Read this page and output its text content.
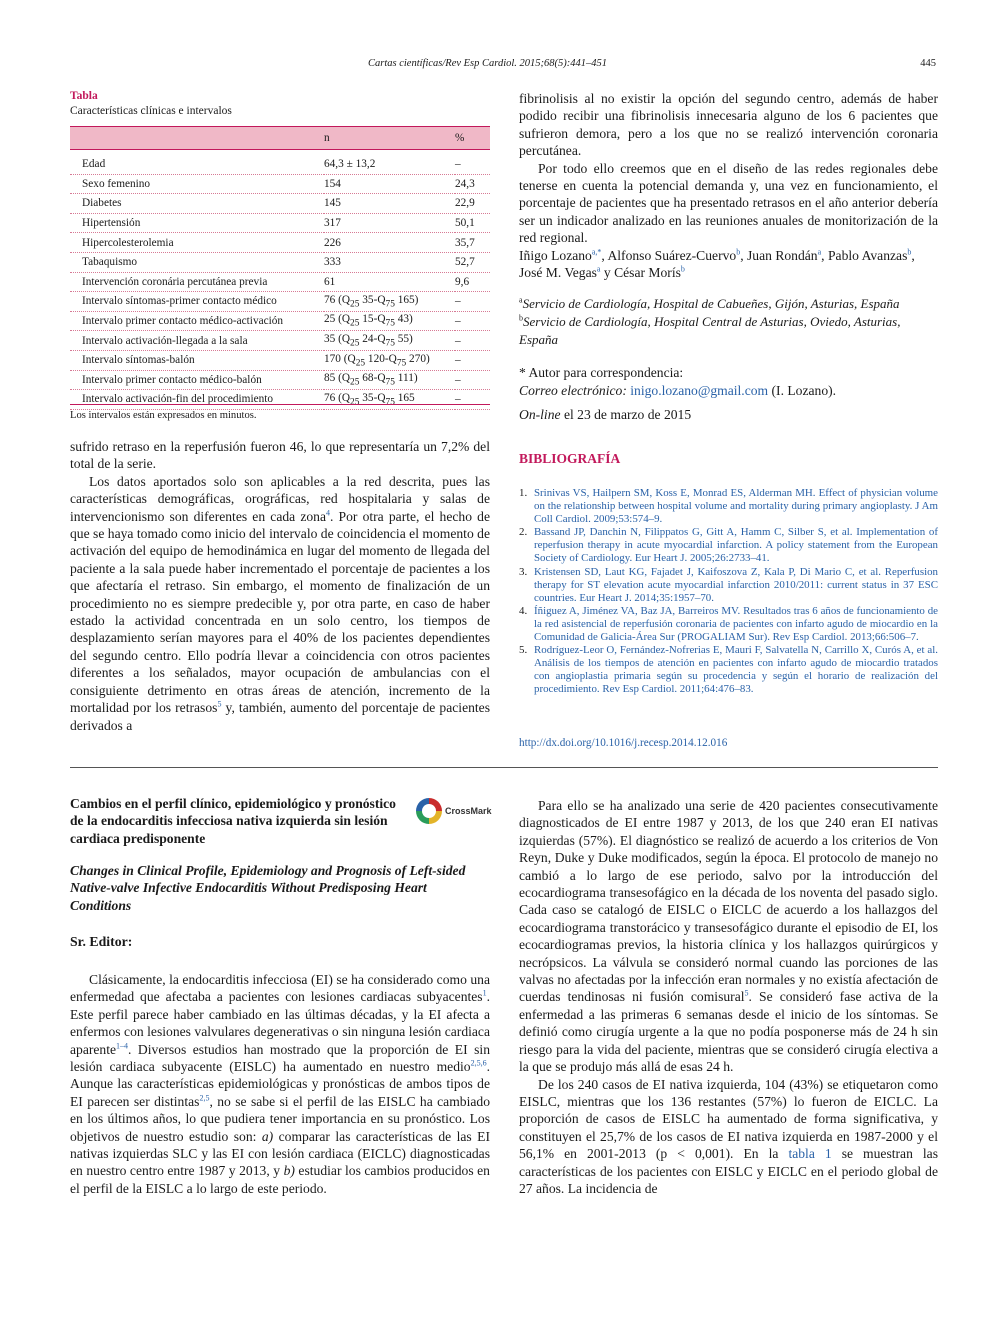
Cartas científicas/Rev Esp Cardiol. 2015;68(5):441–451	445
Tabla
Características clínicas e intervalos
	n	%
Edad	64,3 ± 13,2	–
Sexo femenino	154	24,3
Diabetes	145	22,9
Hipertensión	317	50,1
Hipercolesterolemia	226	35,7
Tabaquismo	333	52,7
Intervención coronária percutánea previa	61	9,6
Intervalo síntomas-primer contacto médico	76 ($Q_{25}$ $35-Q_{75}$ 165)	–
Intervalo primer contacto médico-activación	25 ($Q_{25}$ $15-Q_{75}$ 43)	–
Intervalo activación-llegada a la sala	35 ($Q_{25}$ $24-Q_{75}$ 55)	–
Intervalo síntomas-balón	170 ($Q_{25}$ $120-Q_{75}$ 270)	–
Intervalo primer contacto médico-balón	85 ($Q_{25}$ $68-Q_{75}$ 111)	–
Intervalo activación-fin del procedimiento	76 ($Q_{25}$ $35-Q_{75}$ 165	–
Los intervalos están expresados en minutos.

sufrido retraso en la reperfusión fueron 46, lo que representaría un 7,2% del total de la serie.

Los datos aportados solo son aplicables a la red descrita, pues las características demográficas, orográficas, red hospitalaria y salas de intervencionismo son diferentes en cada zona$^4$. Por otra parte, el hecho de que se haya tomado como inicio del intervalo de coincidencia el momento de activación del equipo de hemodinámica en lugar del momento de llegada del paciente a la sala puede haber incrementado el porcentaje de pacientes a los que afectaría el retraso. Sin embargo, el momento de finalización de un procedimiento no es siempre predecible y, por otra parte, en caso de haber estado la actividad concentrada en un solo centro, los tiempos de desplazamiento serían mayores para el 40% de los pacientes dependientes del segundo centro. Ello podría llevar a coincidencia con otros pacientes diferentes a los señalados, mayor ocupación de ambulancias con el consiguiente detrimento en otras áreas de atención, incremento de la mortalidad por los retrasos$^5$ y, también, aumento del porcentaje de pacientes derivados a

fibrinolisis al no existir la opción del segundo centro, además de haber podido recibir una fibrinolisis innecesaria alguno de los 6 pacientes que sufrieron demora, pero a los que no se realizó intervención coronaria percutánea.

Por todo ello creemos que en el diseño de las redes regionales debe tenerse en cuenta la potencial demanda y, una vez en funcionamiento, el porcentaje de pacientes que ha presentado retrasos en el año anterior debería ser un indicador analizado en las reuniones anuales de monitorización de la red regional.

Iñigo Lozano$^{a,*}$, Alfonso Suárez-Cuervo$^b$, Juan Rondán$^a$, Pablo Avanzas$^b$, José M. Vegas$^a$ y César Morís$^b$

$^a$Servicio de Cardiología, Hospital de Cabueñes, Gijón, Asturias, España
$^b$Servicio de Cardiología, Hospital Central de Asturias, Oviedo, Asturias, España
* Autor para correspondencia:
Correo electrónico: inigo.lozano@gmail.com (I. Lozano).
On-line el 23 de marzo de 2015
BIBLIOGRAFÍA
1. Srinivas VS, Hailpern SM, Koss E, Monrad ES, Alderman MH. Effect of physician volume on the relationship between hospital volume and mortality during primary angioplasty. J Am Coll Cardiol. 2009;53:574–9.
2. Bassand JP, Danchin N, Filippatos G, Gitt A, Hamm C, Silber S, et al. Implementation of reperfusion therapy in acute myocardial infarction. A policy statement from the European Society of Cardiology. Eur Heart J. 2005;26:2733–41.
3. Kristensen SD, Laut KG, Fajadet J, Kaifoszova Z, Kala P, Di Mario C, et al. Reperfusion therapy for ST elevation acute myocardial infarction 2010/2011: current status in 37 ESC countries. Eur Heart J. 2014;35:1957–70.
4. Íñiguez A, Jiménez VA, Baz JA, Barreiros MV. Resultados tras 6 años de funcionamiento de la red asistencial de reperfusión coronaria de pacientes con infarto agudo de miocardio en la Comunidad de Galicia-Área Sur (PROGALIAM Sur). Rev Esp Cardiol. 2013;66:506–7.
5. Rodríguez-Leor O, Fernández-Nofrerias E, Mauri F, Salvatella N, Carrillo X, Curós A, et al. Análisis de los tiempos de atención en pacientes con infarto agudo de miocardio tratados con angioplastia primaria según su procedencia y según el horario de realización del procedimiento. Rev Esp Cardiol. 2011;64:476–83.
http://dx.doi.org/10.1016/j.recesp.2014.12.016
Cambios en el perfil clínico, epidemiológico y pronóstico de la endocarditis infecciosa nativa izquierda sin lesión cardiaca predisponente
CrossMark
Changes in Clinical Profile, Epidemiology and Prognosis of Left-sided Native-valve Infective Endocarditis Without Predisposing Heart Conditions
Sr. Editor:

Clásicamente, la endocarditis infecciosa (EI) se ha considerado como una enfermedad que afectaba a pacientes con lesiones cardiacas subyacentes$^1$. Este perfil parece haber cambiado en las últimas décadas, y la EI afecta a enfermos con lesiones valvulares degenerativas o sin ninguna lesión cardiaca aparente$^{1-4}$. Diversos estudios han mostrado que la proporción de EI sin lesión cardiaca subyacente (EISLC) ha aumentado en nuestro medio$^{2,5,6}$. Aunque las características epidemiológicas y pronósticas de ambos tipos de EI parecen ser distintas$^{2,5}$, no se sabe si el perfil de las EISLC ha cambiado en los últimos años, lo que pudiera tener importancia en su pronóstico. Los objetivos de nuestro estudio son: a) comparar las características de las EI nativas izquierdas SLC y las EI con lesión cardiaca (EICLC) diagnosticadas en nuestro centro entre 1987 y 2013, y b) estudiar los cambios producidos en el perfil de la EISLC a lo largo de este periodo.

Para ello se ha analizado una serie de 420 pacientes consecutivamente diagnosticados de EI entre 1987 y 2013, de los que 240 eran EI nativas izquierdas (57%). El diagnóstico se realizó de acuerdo a los criterios de Von Reyn, Duke y Duke modificados, según la época. El protocolo de manejo no cambió a lo largo de ese periodo, salvo por la introducción del ecocardiograma transesofágico en la década de los noventa del pasado siglo. Cada caso se catalogó de EISLC o EICLC de acuerdo a los hallazgos del ecocardiograma transtorácico y transesofágico durante el episodio de EI, los ecocardiogramas previos, la historia clínica y los hallazgos quirúrgicos y necrópsicos. La válvula se consideró normal cuando las porciones de las valvas no afectadas por la infección eran normales y no existía afectación de cuerdas tendinosas ni fusión comisural$^5$. Se consideró fase activa de la enfermedad a las primeras 6 semanas desde el inicio de los síntomas. Se definió como cirugía urgente a la que no podía posponerse más de 24 h sin riesgo para la vida del paciente, mientras que se consideró cirugía electiva a la que se produjo más allá de esas 24 h.

De los 240 casos de EI nativa izquierda, 104 (43%) se etiquetaron como EISLC, mientras que los 136 restantes (57%) lo fueron de EICLC. La proporción de casos de EISLC ha aumentado de forma significativa, y constituyen el 25,7% de los casos de EI nativa izquierda en 1987-2000 y el 56,1% en 2001-2013 (p < 0,001). En la tabla 1 se muestran las características de los pacientes con EISLC y EICLC en el periodo global de 27 años. La incidencia de
